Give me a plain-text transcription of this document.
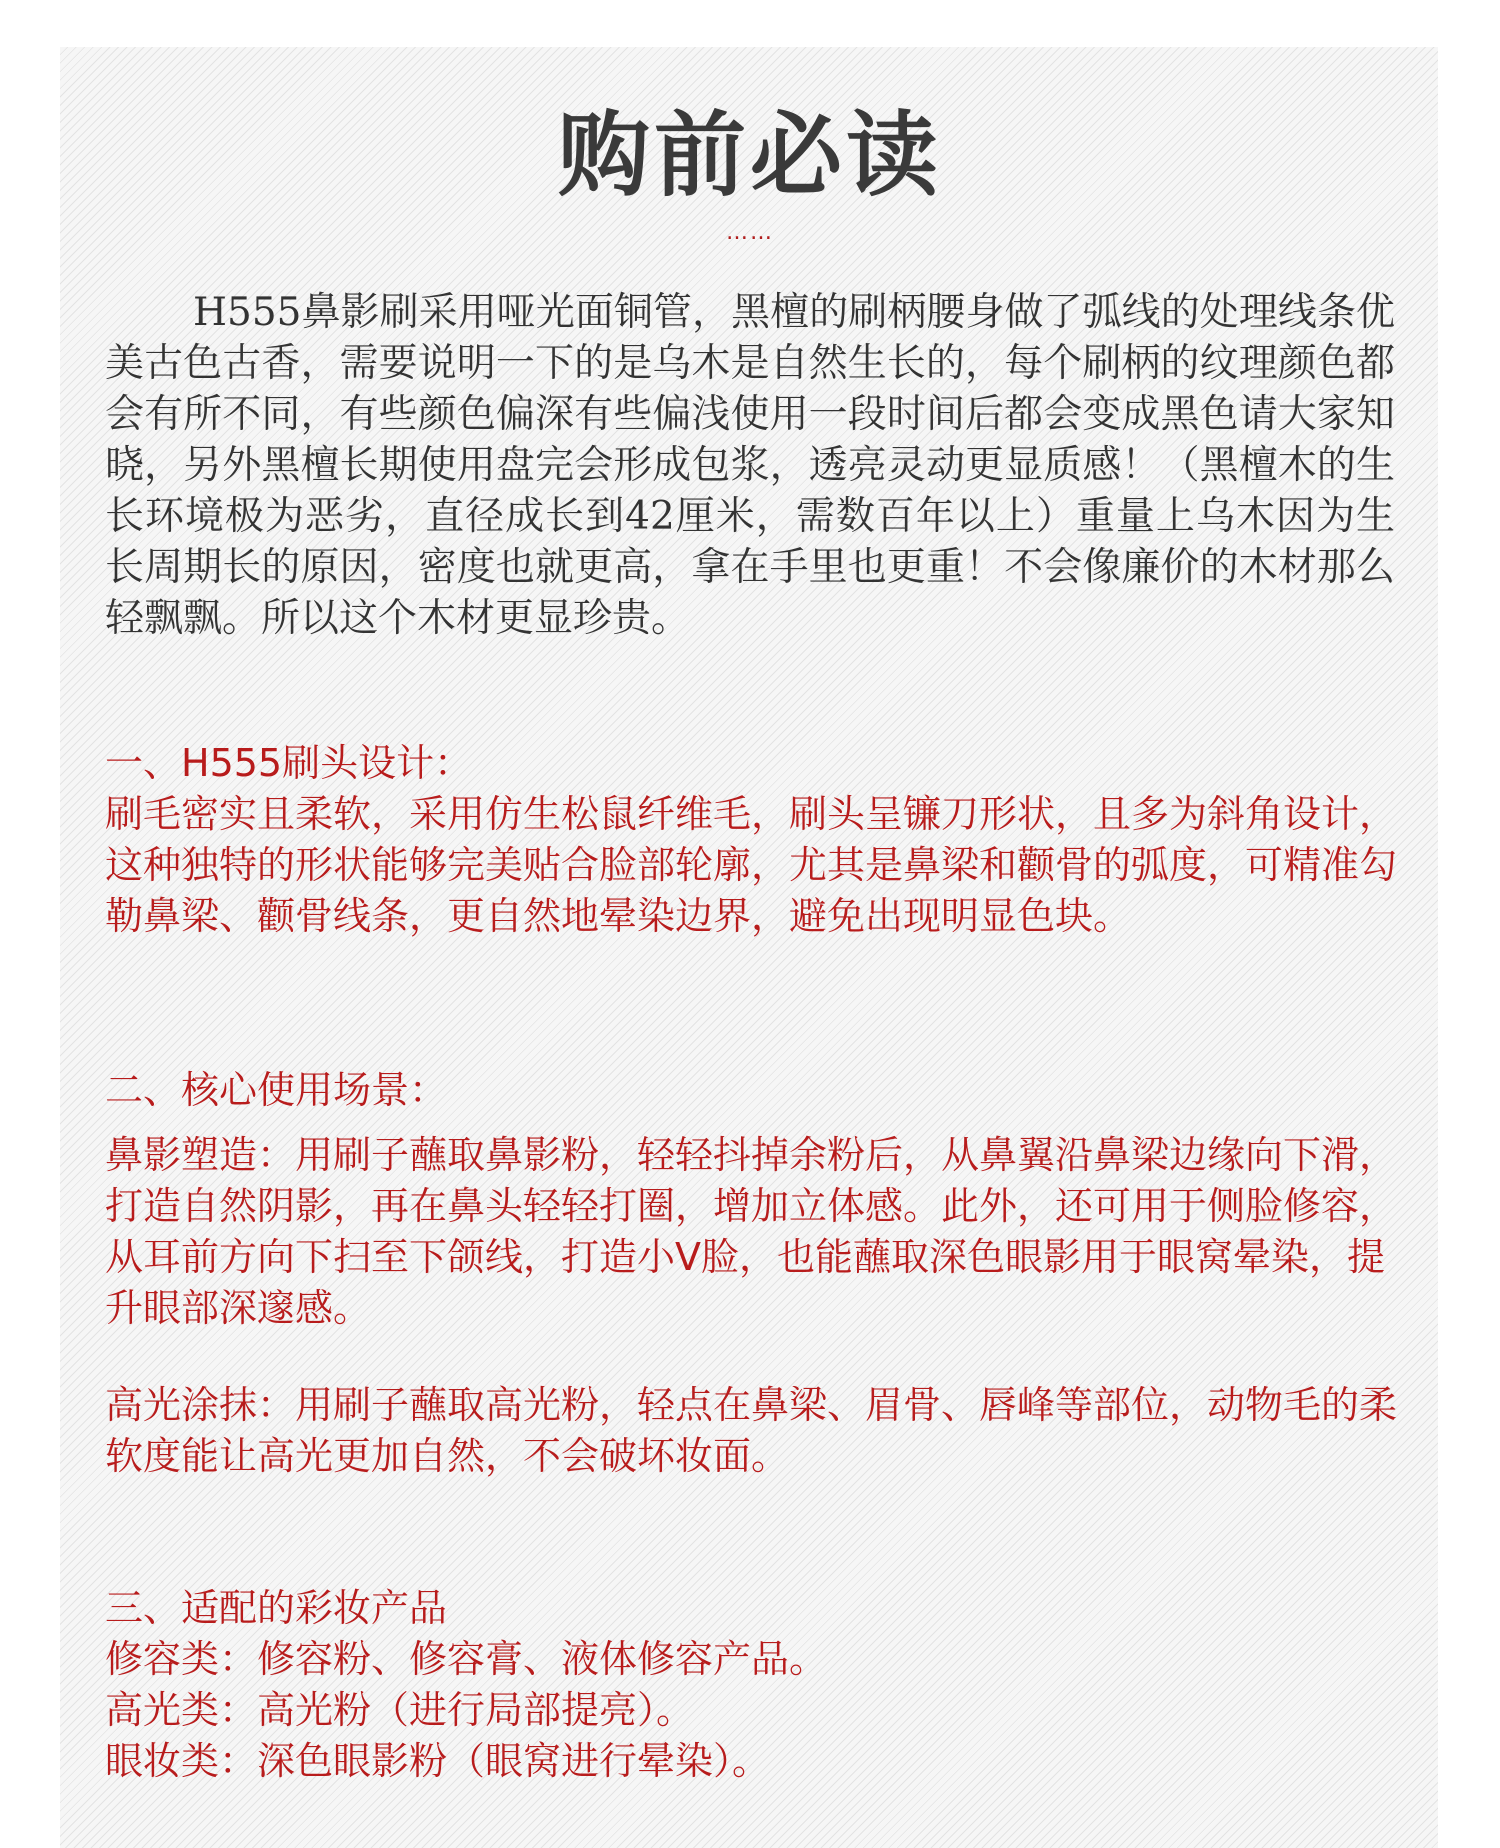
购前必读
……

H555鼻影刷采用哑光面铜管，黑檀的刷柄腰身做了弧线的处理线条优美古色古香，需要说明一下的是乌木是自然生长的，每个刷柄的纹理颜色都会有所不同，有些颜色偏深有些偏浅使用一段时间后都会变成黑色请大家知晓，另外黑檀长期使用盘完会形成包浆，透亮灵动更显质感！（黑檀木的生长环境极为恶劣，直径成长到42厘米，需数百年以上）重量上乌木因为生长周期长的原因，密度也就更高，拿在手里也更重！不会像廉价的木材那么轻飘飘。所以这个木材更显珍贵。

一、H555刷头设计：

刷毛密实且柔软，采用仿生松鼠纤维毛，刷头呈镰刀形状，且多为斜角设计，这种独特的形状能够完美贴合脸部轮廓，尤其是鼻梁和颧骨的弧度，可精准勾勒鼻梁、颧骨线条，更自然地晕染边界，避免出现明显色块。

二、核心使用场景：

鼻影塑造：用刷子蘸取鼻影粉，轻轻抖掉余粉后，从鼻翼沿鼻梁边缘向下滑，打造自然阴影，再在鼻头轻轻打圈，增加立体感。此外，还可用于侧脸修容，从耳前方向下扫至下颌线，打造小V脸，也能蘸取深色眼影用于眼窝晕染，提升眼部深邃感。

高光涂抹：用刷子蘸取高光粉，轻点在鼻梁、眉骨、唇峰等部位，动物毛的柔软度能让高光更加自然，不会破坏妆面。

三、适配的彩妆产品

修容类：修容粉、修容膏、液体修容产品。

高光类：高光粉（进行局部提亮）。

眼妆类：深色眼影粉（眼窝进行晕染）。
